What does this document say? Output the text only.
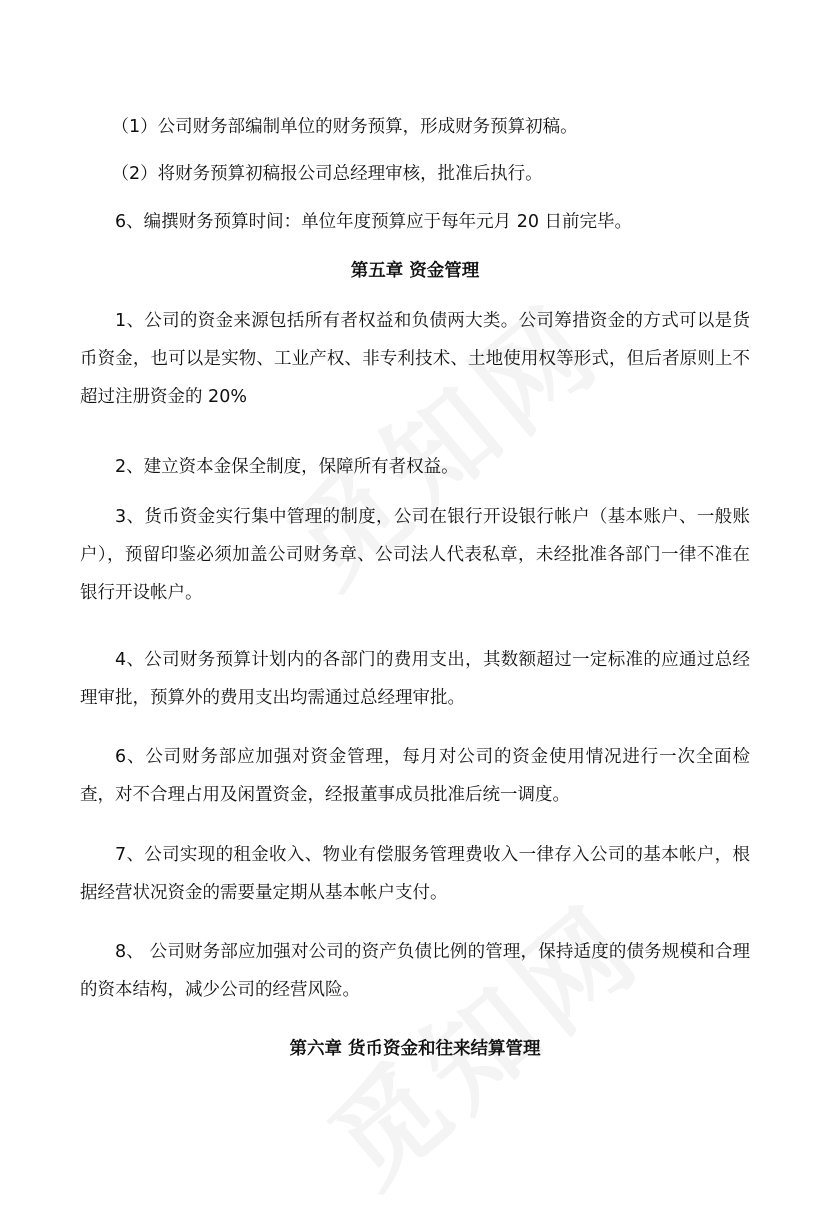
（1）公司财务部编制单位的财务预算，形成财务预算初稿。

（2）将财务预算初稿报公司总经理审核，批准后执行。

6、编撰财务预算时间：单位年度预算应于每年元月 20 日前完毕。

第五章 资金管理

1、公司的资金来源包括所有者权益和负债两大类。公司筹措资金的方式可以是货币资金，也可以是实物、工业产权、非专利技术、土地使用权等形式，但后者原则上不超过注册资金的 20%

2、建立资本金保全制度，保障所有者权益。

3、货币资金实行集中管理的制度，公司在银行开设银行帐户（基本账户、一般账户），预留印鉴必须加盖公司财务章、公司法人代表私章，未经批准各部门一律不准在银行开设帐户。

4、公司财务预算计划内的各部门的费用支出，其数额超过一定标准的应通过总经理审批，预算外的费用支出均需通过总经理审批。

6、公司财务部应加强对资金管理，每月对公司的资金使用情况进行一次全面检查，对不合理占用及闲置资金，经报董事成员批准后统一调度。

7、公司实现的租金收入、物业有偿服务管理费收入一律存入公司的基本帐户，根据经营状况资金的需要量定期从基本帐户支付。

8、 公司财务部应加强对公司的资产负债比例的管理，保持适度的债务规模和合理的资本结构，减少公司的经营风险。

第六章 货币资金和往来结算管理
